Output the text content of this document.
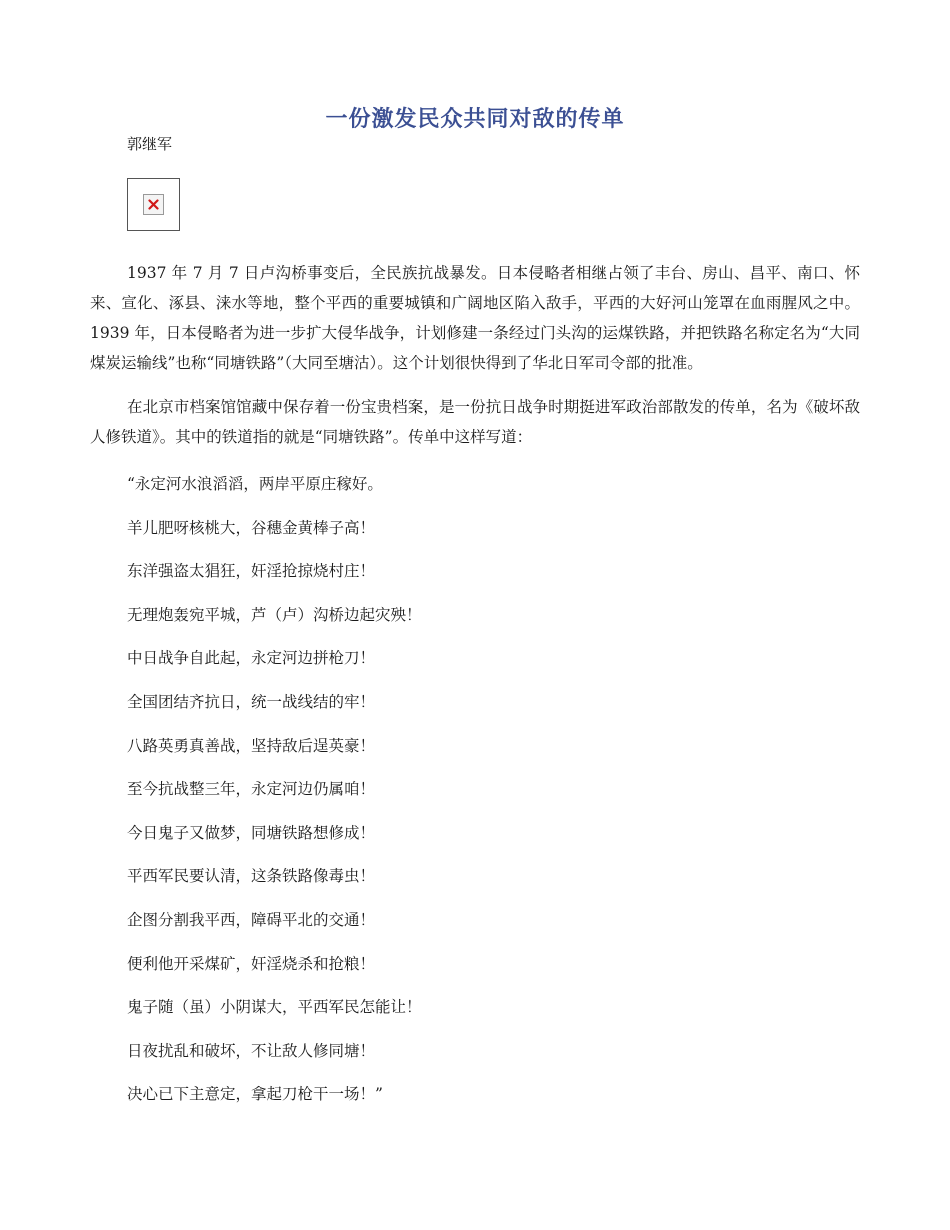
一份激发民众共同对敌的传单
郭继军

1937 年 7 月 7 日卢沟桥事变后，全民族抗战暴发。日本侵略者相继占领了丰台、房山、昌平、南口、怀来、宣化、涿县、涞水等地，整个平西的重要城镇和广阔地区陷入敌手，平西的大好河山笼罩在血雨腥风之中。1939 年，日本侵略者为进一步扩大侵华战争，计划修建一条经过门头沟的运煤铁路，并把铁路名称定名为“大同煤炭运输线”也称“同塘铁路”（大同至塘沽）。这个计划很快得到了华北日军司令部的批准。

在北京市档案馆馆藏中保存着一份宝贵档案，是一份抗日战争时期挺进军政治部散发的传单，名为《破坏敌人修铁道》。其中的铁道指的就是“同塘铁路”。传单中这样写道：

“永定河水浪滔滔，两岸平原庄稼好。
羊儿肥呀核桃大，谷穗金黄棒子高！
东洋强盗太猖狂，奸淫抢掠烧村庄！
无理炮轰宛平城，芦（卢）沟桥边起灾殃！
中日战争自此起，永定河边拼枪刀！
全国团结齐抗日，统一战线结的牢！
八路英勇真善战，坚持敌后逞英豪！
至今抗战整三年，永定河边仍属咱！
今日鬼子又做梦，同塘铁路想修成！
平西军民要认清，这条铁路像毒虫！
企图分割我平西，障碍平北的交通！
便利他开采煤矿，奸淫烧杀和抢粮！
鬼子随（虽）小阴谋大，平西军民怎能让！
日夜扰乱和破坏，不让敌人修同塘！
决心已下主意定，拿起刀枪干一场！”
